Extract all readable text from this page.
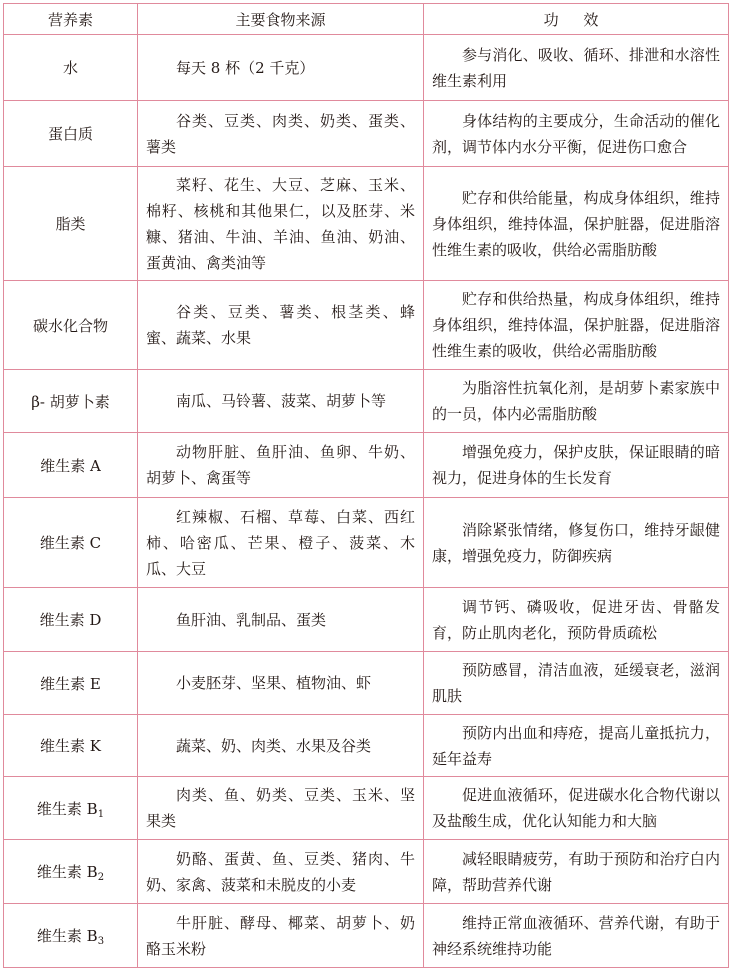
营养素	主要食物来源	功 效
水	每天 8 杯（2 千克）	参与消化、吸收、循环、排泄和水溶性维生素利用
蛋白质	谷类、豆类、肉类、奶类、蛋类、薯类	身体结构的主要成分，生命活动的催化剂，调节体内水分平衡，促进伤口愈合
脂类	菜籽、花生、大豆、芝麻、玉米、棉籽、核桃和其他果仁，以及胚芽、米糠、猪油、牛油、羊油、鱼油、奶油、蛋黄油、禽类油等	贮存和供给能量，构成身体组织，维持身体组织，维持体温，保护脏器，促进脂溶性维生素的吸收，供给必需脂肪酸
碳水化合物	谷类、豆类、薯类、根茎类、蜂蜜、蔬菜、水果	贮存和供给热量，构成身体组织，维持身体组织，维持体温，保护脏器，促进脂溶性维生素的吸收，供给必需脂肪酸
β- 胡萝卜素	南瓜、马铃薯、菠菜、胡萝卜等	为脂溶性抗氧化剂，是胡萝卜素家族中的一员，体内必需脂肪酸
维生素 A	动物肝脏、鱼肝油、鱼卵、牛奶、胡萝卜、禽蛋等	增强免疫力，保护皮肤，保证眼睛的暗视力，促进身体的生长发育
维生素 C	红辣椒、石榴、草莓、白菜、西红柿、哈密瓜、芒果、橙子、菠菜、木瓜、大豆	消除紧张情绪，修复伤口，维持牙龈健康，增强免疫力，防御疾病
维生素 D	鱼肝油、乳制品、蛋类	调节钙、磷吸收，促进牙齿、骨骼发育，防止肌肉老化，预防骨质疏松
维生素 E	小麦胚芽、坚果、植物油、虾	预防感冒，清洁血液，延缓衰老，滋润肌肤
维生素 K	蔬菜、奶、肉类、水果及谷类	预防内出血和痔疮，提高儿童抵抗力，延年益寿
维生素 $B_1$	肉类、鱼、奶类、豆类、玉米、坚果类	促进血液循环，促进碳水化合物代谢以及盐酸生成，优化认知能力和大脑
维生素 $B_2$	奶酪、蛋黄、鱼、豆类、猪肉、牛奶、家禽、菠菜和未脱皮的小麦	减轻眼睛疲劳，有助于预防和治疗白内障，帮助营养代谢
维生素 $B_3$	牛肝脏、酵母、椰菜、胡萝卜、奶酪玉米粉	维持正常血液循环、营养代谢，有助于神经系统维持功能
